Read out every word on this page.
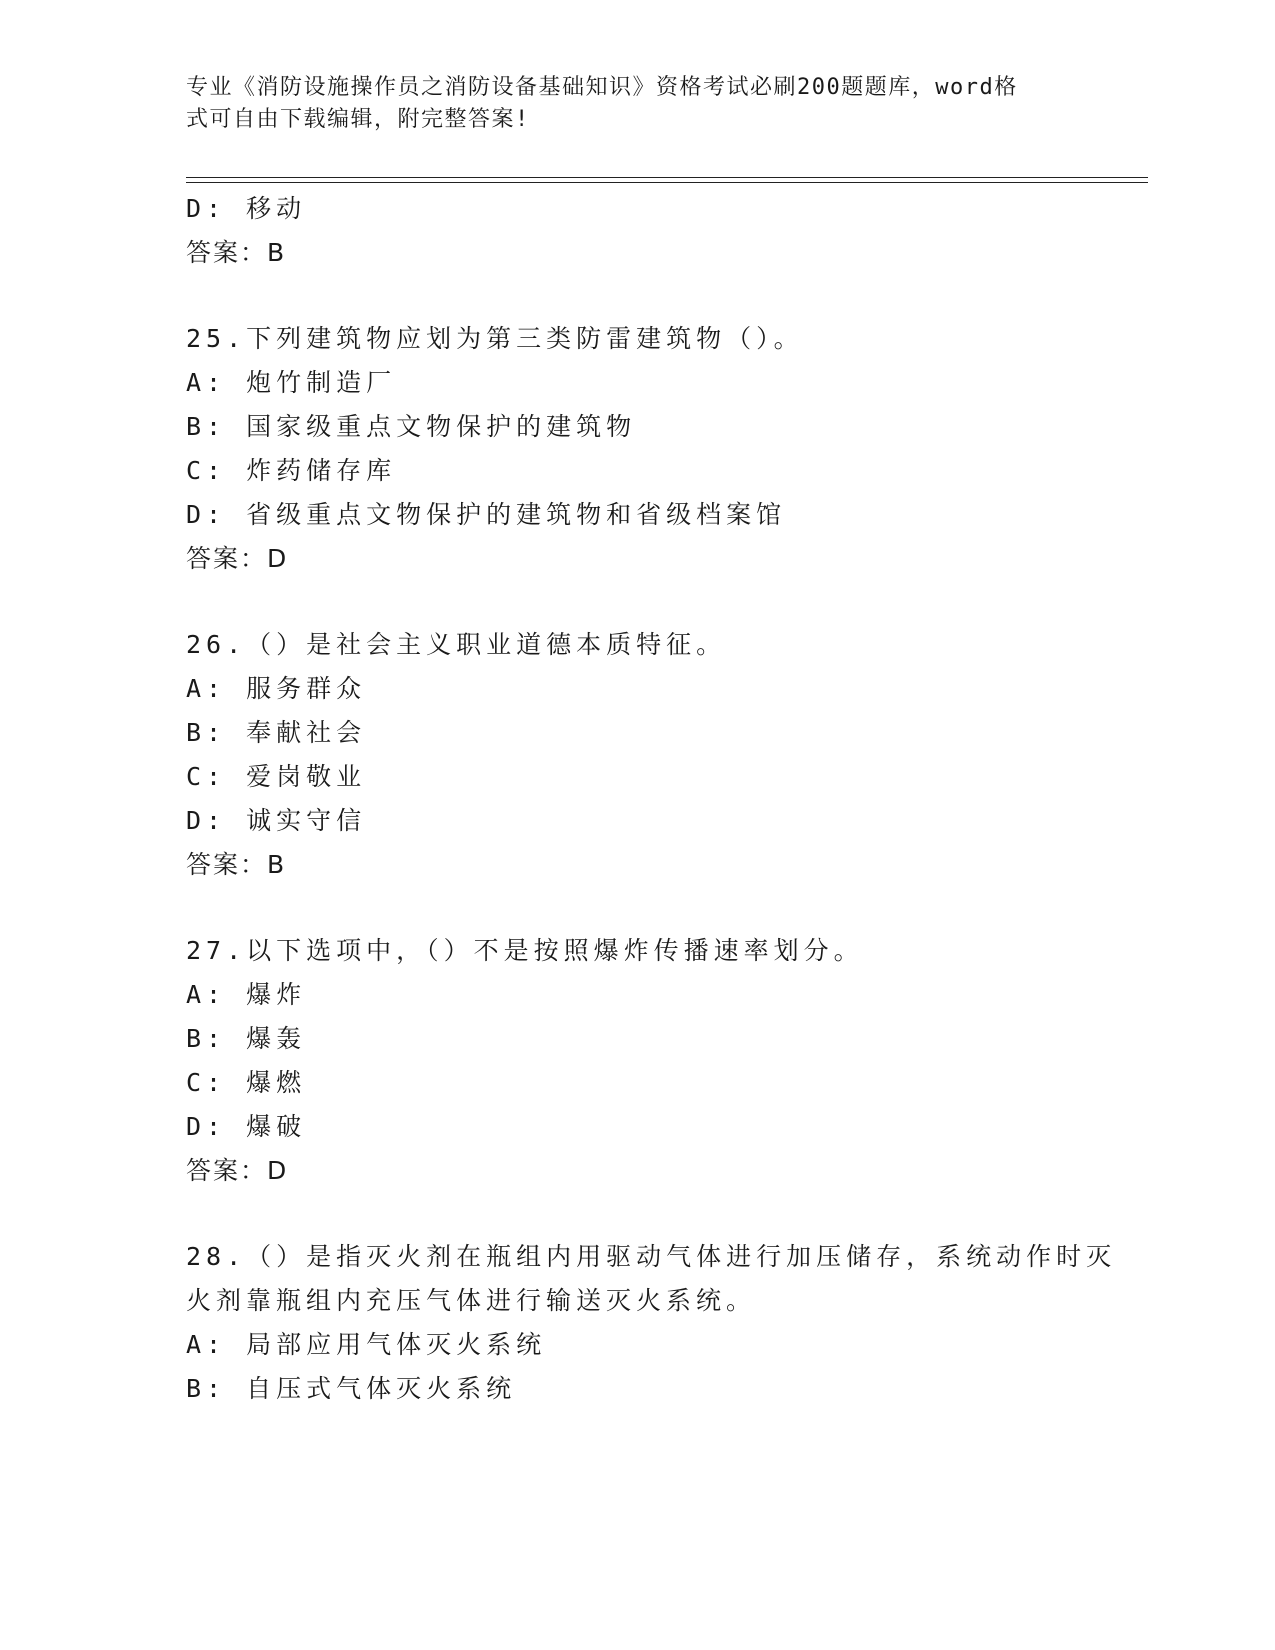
专业《消防设施操作员之消防设备基础知识》资格考试必刷200题题库，word格
式可自由下载编辑，附完整答案!
D: 移动
答案：B
25.下列建筑物应划为第三类防雷建筑物（）。
A: 炮竹制造厂
B: 国家级重点文物保护的建筑物
C: 炸药储存库
D: 省级重点文物保护的建筑物和省级档案馆
答案：D
26.（）是社会主义职业道德本质特征。
A: 服务群众
B: 奉献社会
C: 爱岗敬业
D: 诚实守信
答案：B
27.以下选项中，（）不是按照爆炸传播速率划分。
A: 爆炸
B: 爆轰
C: 爆燃
D: 爆破
答案：D
28.（）是指灭火剂在瓶组内用驱动气体进行加压储存，系统动作时灭
火剂靠瓶组内充压气体进行输送灭火系统。
A: 局部应用气体灭火系统
B: 自压式气体灭火系统
